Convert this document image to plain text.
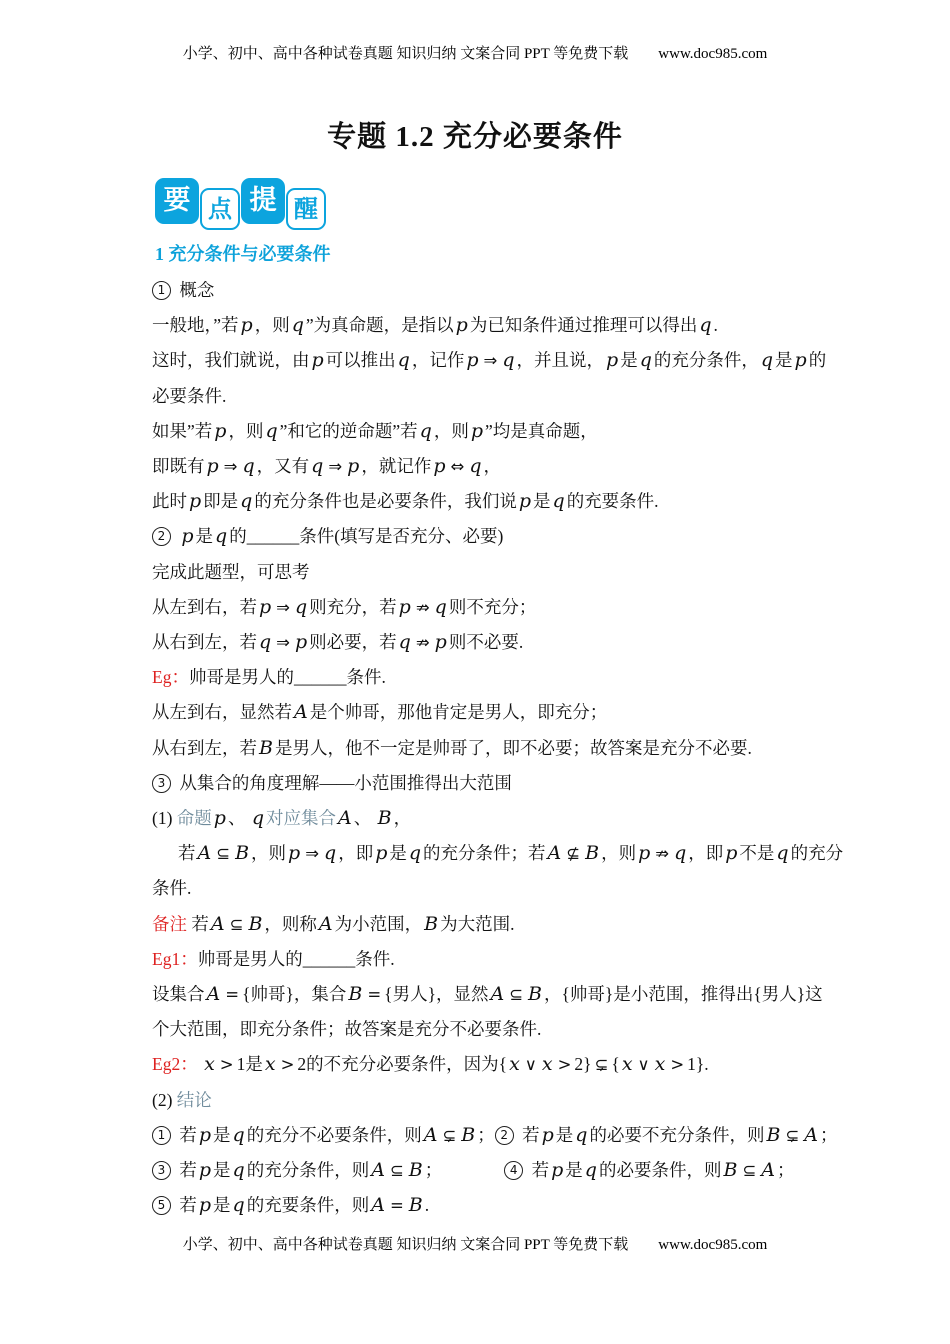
小学、初中、高中各种试卷真题 知识归纳 文案合同 PPT 等免费下载 www.doc985.com
专题 1.2 充分必要条件
要 点 提 醒
1 充分条件与必要条件
1 概念
一般地，”若 p ，则 q ”为真命题，是指以 p 为已知条件通过推理可以得出 q .
这时，我们就说，由 p 可以推出 q ，记作 p ⇒ q ，并且说， p 是 q 的充分条件， q 是 p 的
必要条件.
如果”若 p ，则 q ”和它的逆命题”若 q ，则 p ”均是真命题，
即既有 p ⇒ q ，又有 q ⇒ p ，就记作 p ⇔ q ，
此时 p 即是 q 的充分条件也是必要条件，我们说 p 是 q 的充要条件.
2 p 是 q 的______条件(填写是否充分、必要)
完成此题型，可思考
从左到右，若 p ⇒ q 则充分，若 p ⇏ q 则不充分；
从右到左，若 q ⇒ p 则必要，若 q ⇏ p 则不必要.
Eg：帅哥是男人的______条件.
从左到右，显然若 A 是个帅哥，那他肯定是男人，即充分；
从右到左，若 B 是男人，他不一定是帅哥了，即不必要；故答案是充分不必要.
3 从集合的角度理解——小范围推得出大范围
(1) 命题 p 、 q 对应集合 A 、 B ，
若 A ⊆ B ，则 p ⇒ q ，即 p 是 q 的充分条件；若 A ⊈ B ，则 p ⇏ q ，即 p 不是 q 的充分
条件.
备注 若 A ⊆ B ，则称 A 为小范围， B 为大范围.
Eg1：帅哥是男人的______条件.
设集合 A = {帅哥}，集合 B = {男人}，显然 A ⊆ B ，{帅哥}是小范围，推得出{男人}这
个大范围，即充分条件；故答案是充分不必要条件.
Eg2： x > 1是 x > 2的不充分必要条件，因为{ x ∨ x > 2} ⊊ { x ∨ x > 1}.
(2) 结论
1 若 p 是 q 的充分不必要条件，则 A ⊊ B ； 2 若 p 是 q 的必要不充分条件，则 B ⊊ A ；
3 若 p 是 q 的充分条件，则 A ⊆ B ；	4 若 p 是 q 的必要条件，则 B ⊆ A ；
5 若 p 是 q 的充要条件，则 A = B .
小学、初中、高中各种试卷真题 知识归纳 文案合同 PPT 等免费下载 www.doc985.com
